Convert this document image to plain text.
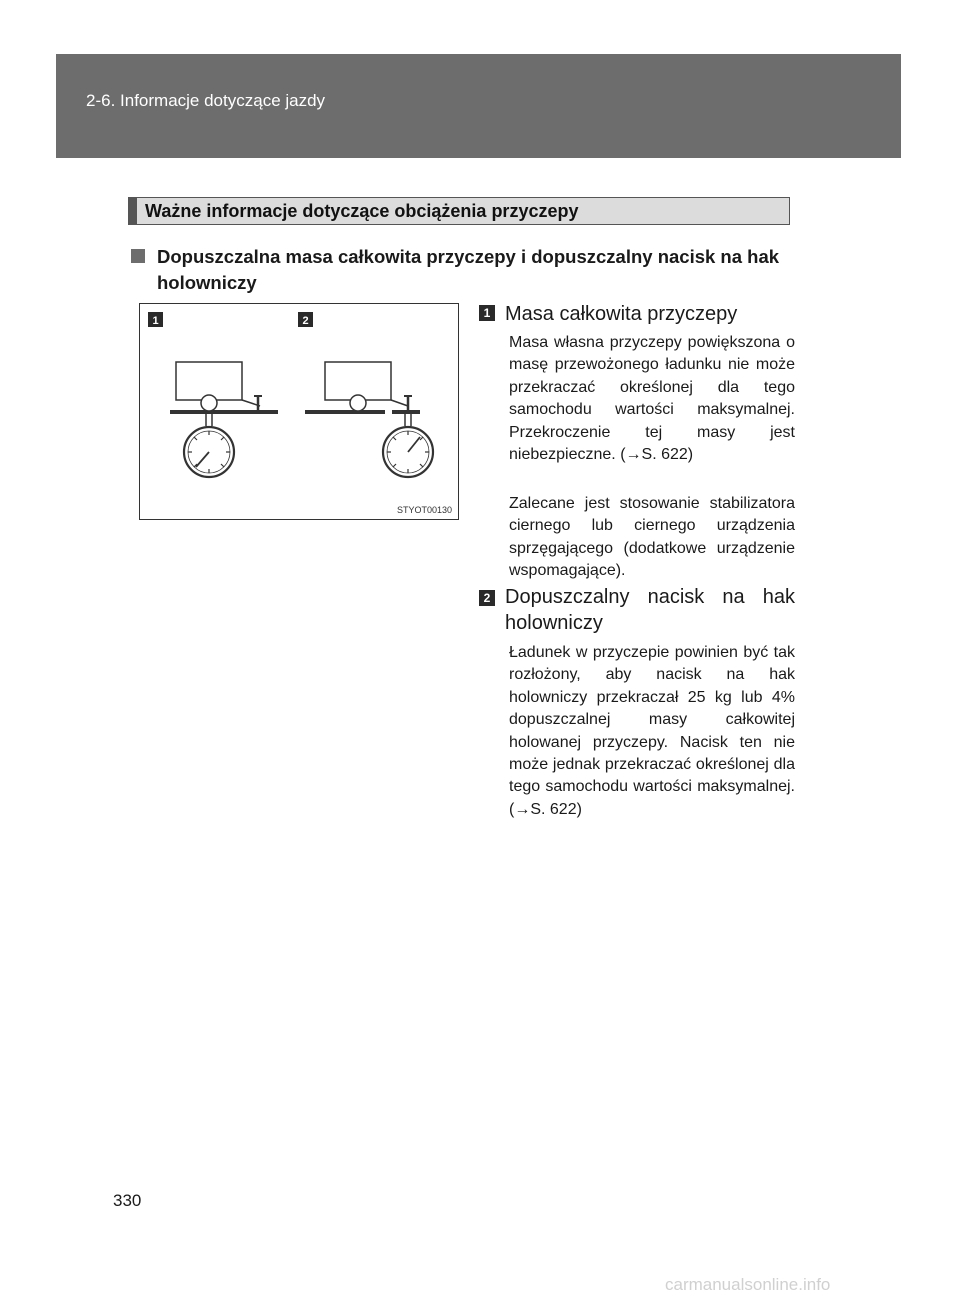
2-6. Informacje dotyczące jazdy
Ważne informacje dotyczące obciążenia przyczepy
Dopuszczalna masa całkowita przyczepy i dopuszczalny nacisk na hak holowniczy
1	2
STYOT00130
1 Masa całkowita przyczepy
Masa własna przyczepy powiększona o masę przewożonego ładunku nie może przekraczać określonej dla tego samochodu wartości maksymalnej. Przekroczenie tej masy jest niebezpieczne. (→S. 622)
Zalecane jest stosowanie stabilizatora ciernego lub ciernego urządzenia sprzęgającego (dodatkowe urządzenie wspomagające).
2 Dopuszczalny nacisk na hak holowniczy
Ładunek w przyczepie powinien być tak rozłożony, aby nacisk na hak holowniczy przekraczał 25 kg lub 4% dopuszczalnej masy całkowitej holowanej przyczepy. Nacisk ten nie może jednak przekraczać określonej dla tego samochodu wartości maksymalnej. (→S. 622)
330
carmanualsonline.info
